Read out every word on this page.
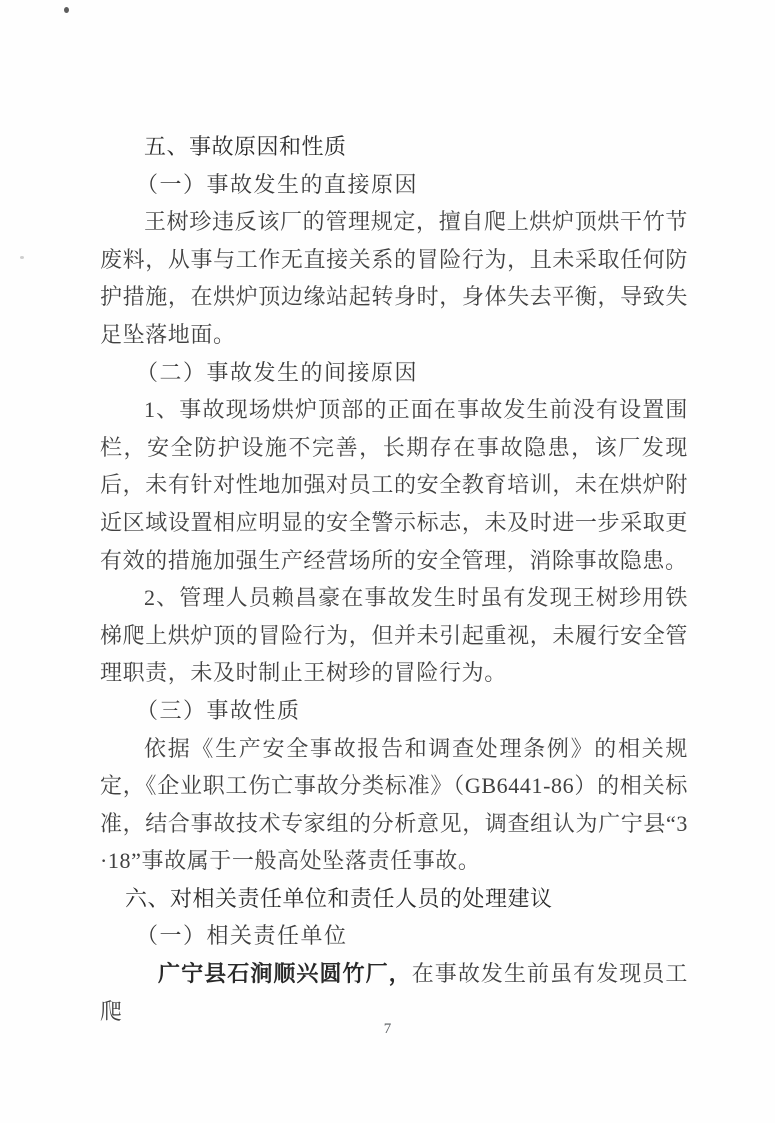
五、事故原因和性质
（一）事故发生的直接原因

王树珍违反该厂的管理规定，擅自爬上烘炉顶烘干竹节废料，从事与工作无直接关系的冒险行为，且未采取任何防护措施，在烘炉顶边缘站起转身时，身体失去平衡，导致失足坠落地面。

（二）事故发生的间接原因

1、事故现场烘炉顶部的正面在事故发生前没有设置围栏，安全防护设施不完善，长期存在事故隐患，该厂发现后，未有针对性地加强对员工的安全教育培训，未在烘炉附近区域设置相应明显的安全警示标志，未及时进一步采取更有效的措施加强生产经营场所的安全管理，消除事故隐患。

2、管理人员赖昌豪在事故发生时虽有发现王树珍用铁梯爬上烘炉顶的冒险行为，但并未引起重视，未履行安全管理职责，未及时制止王树珍的冒险行为。

（三）事故性质

依据《生产安全事故报告和调查处理条例》的相关规定，《企业职工伤亡事故分类标准》（GB6441-86）的相关标准，结合事故技术专家组的分析意见，调查组认为广宁县“3·18”事故属于一般高处坠落责任事故。

六、对相关责任单位和责任人员的处理建议
（一）相关责任单位

广宁县石涧顺兴圆竹厂，在事故发生前虽有发现员工爬

7
